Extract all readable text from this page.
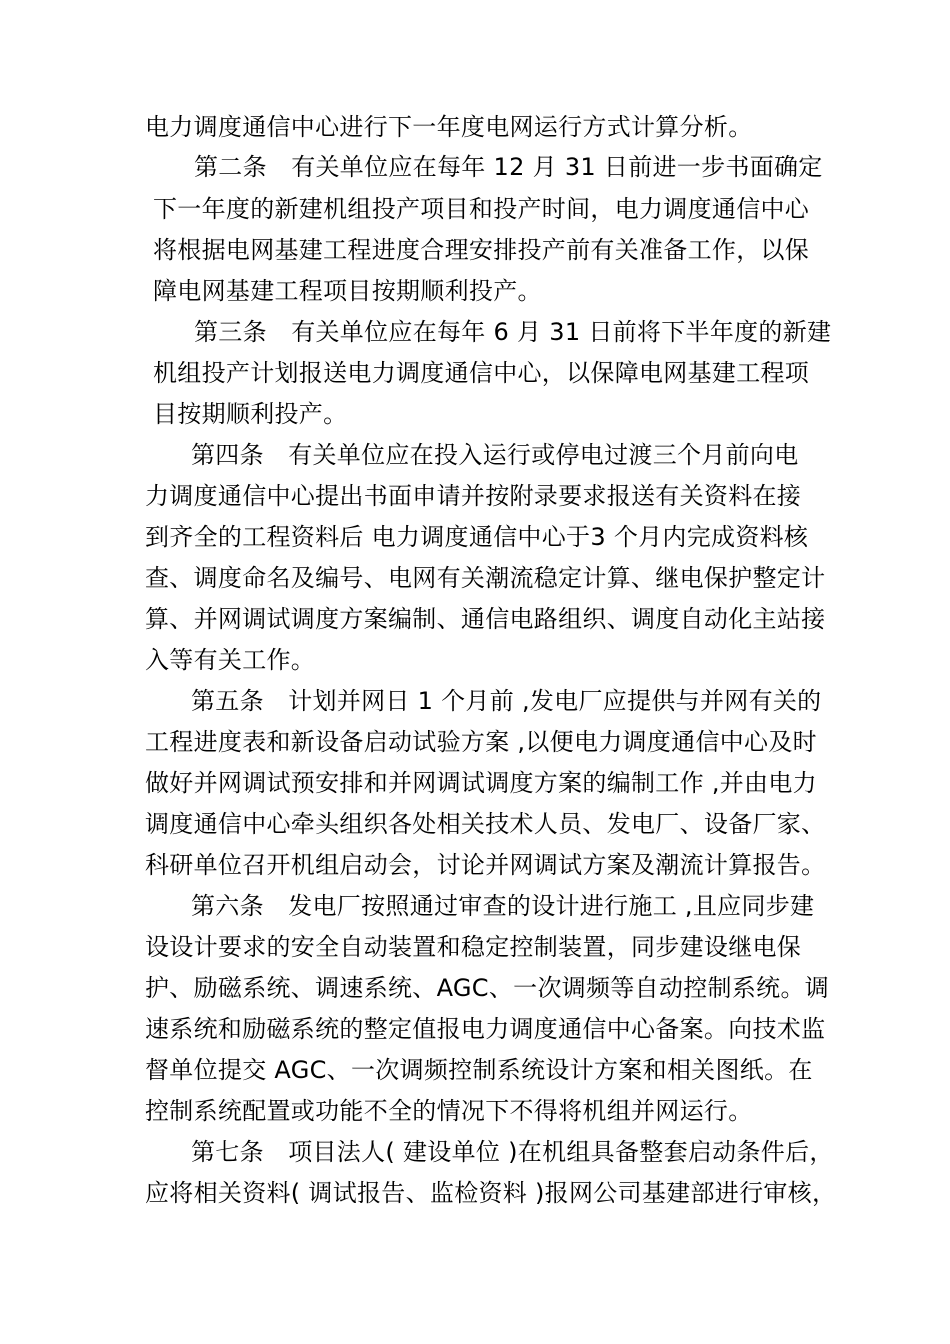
电力调度通信中心进行下一年度电网运行方式计算分析。
第二条　有关单位应在每年 12 月 31 日前进一步书面确定
下一年度的新建机组投产项目和投产时间，电力调度通信中心
将根据电网基建工程进度合理安排投产前有关准备工作，以保
障电网基建工程项目按期顺利投产。
第三条　有关单位应在每年 6 月 31 日前将下半年度的新建
机组投产计划报送电力调度通信中心，以保障电网基建工程项
目按期顺利投产。
第四条　有关单位应在投入运行或停电过渡三个月前向电
力调度通信中心提出书面申请并按附录要求报送有关资料在接
到齐全的工程资料后 电力调度通信中心于3 个月内完成资料核
查、调度命名及编号、电网有关潮流稳定计算、继电保护整定计
算、并网调试调度方案编制、通信电路组织、调度自动化主站接
入等有关工作。
第五条　计划并网日 1 个月前 ,发电厂应提供与并网有关的
工程进度表和新设备启动试验方案 ,以便电力调度通信中心及时
做好并网调试预安排和并网调试调度方案的编制工作 ,并由电力
调度通信中心牵头组织各处相关技术人员、发电厂、设备厂家、
科研单位召开机组启动会，讨论并网调试方案及潮流计算报告。
第六条　发电厂按照通过审查的设计进行施工 ,且应同步建
设设计要求的安全自动装置和稳定控制装置，同步建设继电保
护、励磁系统、调速系统、AGC、一次调频等自动控制系统。调
速系统和励磁系统的整定值报电力调度通信中心备案。向技术监
督单位提交 AGC、一次调频控制系统设计方案和相关图纸。在
控制系统配置或功能不全的情况下不得将机组并网运行。
第七条　项目法人( 建设单位 )在机组具备整套启动条件后，
应将相关资料( 调试报告、监检资料 )报网公司基建部进行审核，
